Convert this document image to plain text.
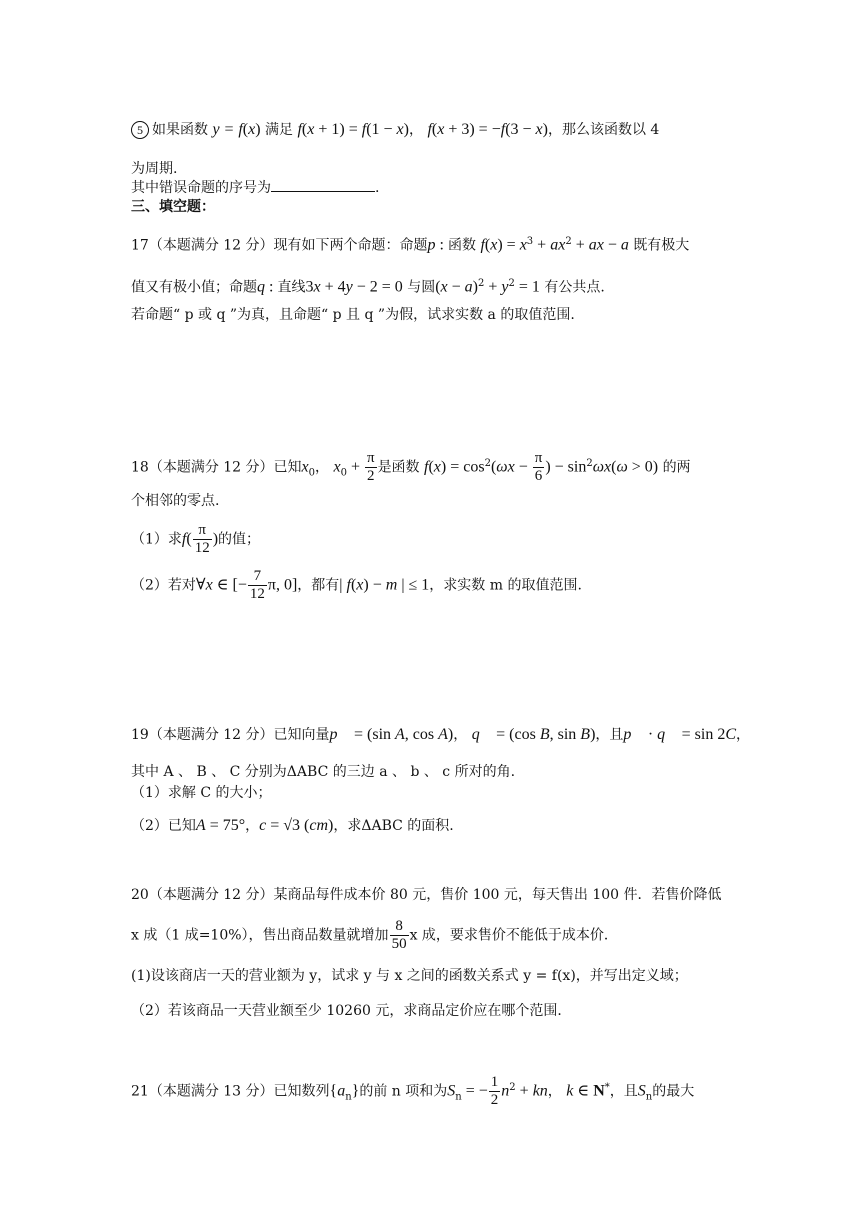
5 如果函数 y = f(x) 满足 f(x + 1) = f(1 − x)， f(x + 3) = −f(3 − x)，那么该函数以 4
为周期.
其中错误命题的序号为	.
三、填空题：
17（本题满分 12 分）现有如下两个命题：命题p : 函数 $f(x) = x^3 + ax^2$ + ax − a 既有极大
值又有极小值；命题q : 直线3x + 4y − 2 = 0 与圆$(x - a)^2 + y^2 = 1$ 有公共点.
若命题“ p 或 q ”为真，且命题“ p 且 q ”为假，试求实数 a 的取值范围.
18（本题满分 12 分）已知$x_0$， $x_0 + \frac{\pi}{2}$ 是函数 $f(x) = \cos^2(\omega x - \frac{\pi}{6}$ ) − $\sin^2\omega x(\omega > 0)$ 的两
个相邻的零点.
（1）求$f( \frac{\pi}{12}$ )的值；
（2）若对∀x ∈ [− $\frac{7}{12} \pi$, 0]，都有| f(x) − m | ≤ 1，求实数 m 的取值范围.
19（本题满分 12 分）已知向量p⃗ = (sin A, cos A)， q⃗ = (cos B, sin B)，且p⃗ · q⃗ = sin 2C，
其中 A 、 B 、 C 分别为ΔABC 的三边 a 、 b 、 c 所对的角.
（1）求解 C 的大小；
（2）已知A = 75°，c = √3 (cm)，求ΔABC 的面积.
20（本题满分 12 分）某商品每件成本价 80 元，售价 100 元，每天售出 100 件．若售价降低
x 成（1 成=10%），售出商品数量就增加 $\frac{8}{50}$ x 成，要求售价不能低于成本价．
(1)设该商店一天的营业额为 y，试求 y 与 x 之间的函数关系式 y = f(x)，并写出定义域；
（2）若该商品一天营业额至少 10260 元，求商品定价应在哪个范围．
21（本题满分 13 分）已知数列$\{a_n\}$的前 n 项和为$S_n$ = − $\frac{1}{2} n^2$ + kn， k ∈ N*，且$S_n$的最大
